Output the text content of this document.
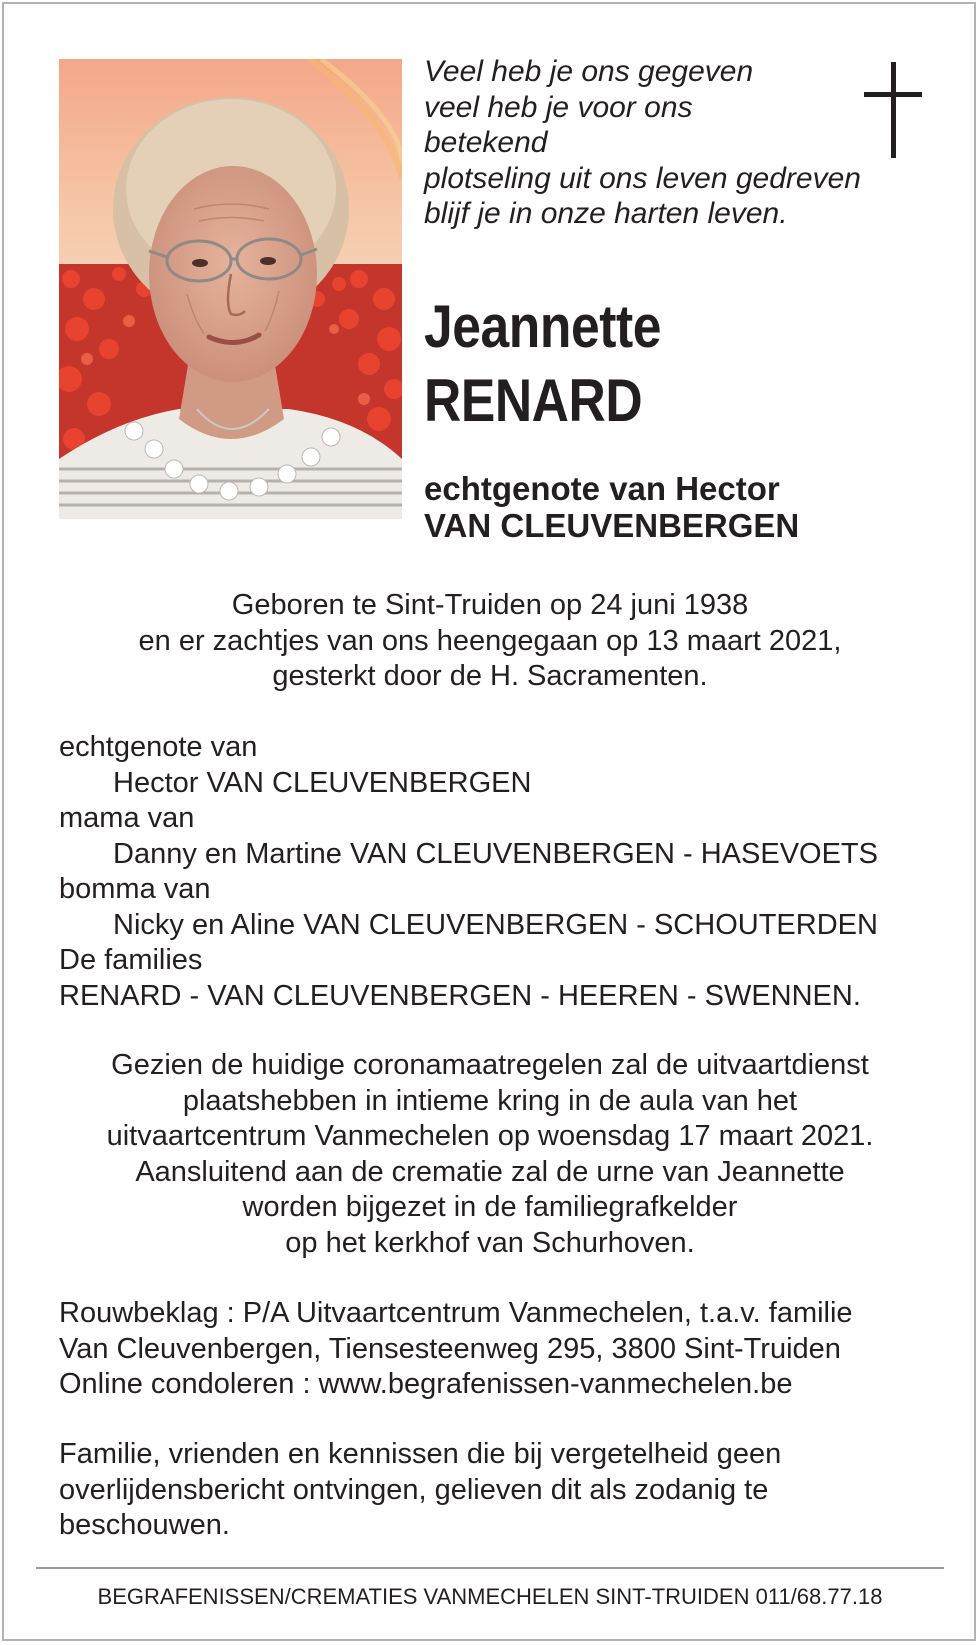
Veel heb je ons gegeven
veel heb je voor ons
betekend
plotseling uit ons leven gedreven
blijf je in onze harten leven.
Jeannette
RENARD
echtgenote van Hector
VAN CLEUVENBERGEN
Geboren te Sint-Truiden op 24 juni 1938
en er zachtjes van ons heengegaan op 13 maart 2021,
gesterkt door de H. Sacramenten.
echtgenote van
Hector VAN CLEUVENBERGEN
mama van
Danny en Martine VAN CLEUVENBERGEN - HASEVOETS
bomma van
Nicky en Aline VAN CLEUVENBERGEN - SCHOUTERDEN
De families
RENARD - VAN CLEUVENBERGEN - HEEREN - SWENNEN.
Gezien de huidige coronamaatregelen zal de uitvaartdienst
plaatshebben in intieme kring in de aula van het
uitvaartcentrum Vanmechelen op woensdag 17 maart 2021.
Aansluitend aan de crematie zal de urne van Jeannette
worden bijgezet in de familiegrafkelder
op het kerkhof van Schurhoven.
Rouwbeklag : P/A Uitvaartcentrum Vanmechelen, t.a.v. familie
Van Cleuvenbergen, Tiensesteenweg 295, 3800 Sint-Truiden
Online condoleren : www.begrafenissen-vanmechelen.be
Familie, vrienden en kennissen die bij vergetelheid geen
overlijdensbericht ontvingen, gelieven dit als zodanig te
beschouwen.
BEGRAFENISSEN/CREMATIES VANMECHELEN SINT-TRUIDEN 011/68.77.18
